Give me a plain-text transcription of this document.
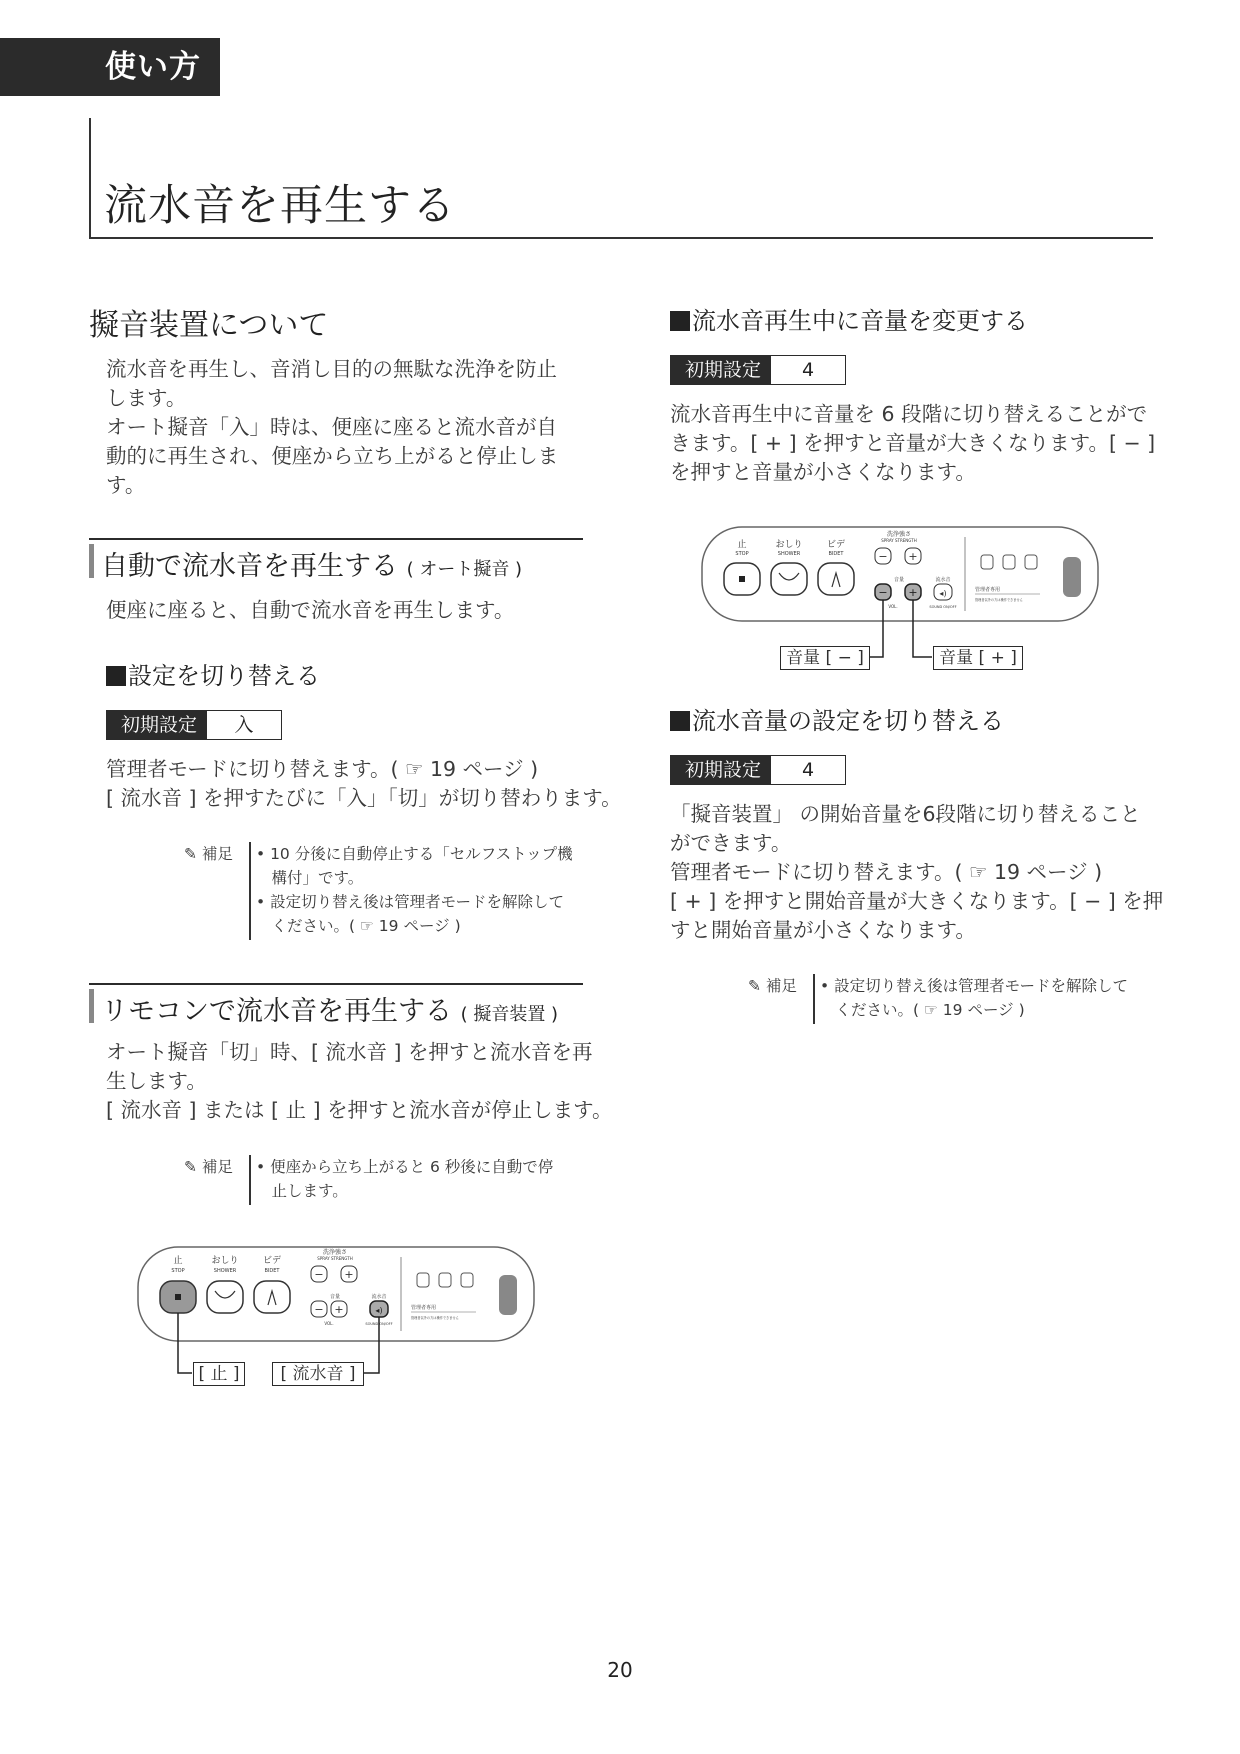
使い方
流水音を再生する
擬音装置について
流水音を再生し、音消し目的の無駄な洗浄を防止
します。
オート擬音「入」時は、便座に座ると流水音が自
動的に再生され、便座から立ち上がると停止しま
す。
自動で流水音を再生する ( オート擬音 )
便座に座ると、自動で流水音を再生します。
設定を切り替える
初期設定	入
管理者モードに切り替えます。( ☞ 19 ページ )
[ 流水音 ] を押すたびに「入」「切」が切り替わります。
✎ 補足 • 10 分後に自動停止する「セルフストップ機
　構付」です。
• 設定切り替え後は管理者モードを解除して
　ください。( ☞ 19 ページ )
リモコンで流水音を再生する ( 擬音装置 )
オート擬音「切」時、[ 流水音 ] を押すと流水音を再
生します。
[ 流水音 ] または [ 止 ] を押すと流水音が停止します。
✎ 補足 • 便座から立ち上がると 6 秒後に自動で停
　止します。
止
STOP
おしり
SHOWER
ビデ
BIDET
洗浄強さ
SPRAY STRENGTH
− +
音量
− +
VOL.
流水音
◂)
SOUND ON/OFF
管理者専用
管理者以外の方は操作できません
[ 止 ]	[ 流水音 ]
流水音再生中に音量を変更する
初期設定	4
流水音再生中に音量を 6 段階に切り替えることがで
きます。[ + ] を押すと音量が大きくなります。[ − ]
を押すと音量が小さくなります。
止
STOP
おしり
SHOWER
ビデ
BIDET
洗浄強さ
SPRAY STRENGTH
− +
音量
− +
VOL.
流水音
◂)
SOUND ON/OFF
管理者専用
管理者以外の方は操作できません
音量 [ − ]	音量 [ + ]
流水音量の設定を切り替える
初期設定	4
「擬音装置」 の開始音量を6段階に切り替えること
ができます。
管理者モードに切り替えます。( ☞ 19 ページ )
[ + ] を押すと開始音量が大きくなります。[ − ] を押
すと開始音量が小さくなります。
✎ 補足 • 設定切り替え後は管理者モードを解除して
　ください。( ☞ 19 ページ )
20
